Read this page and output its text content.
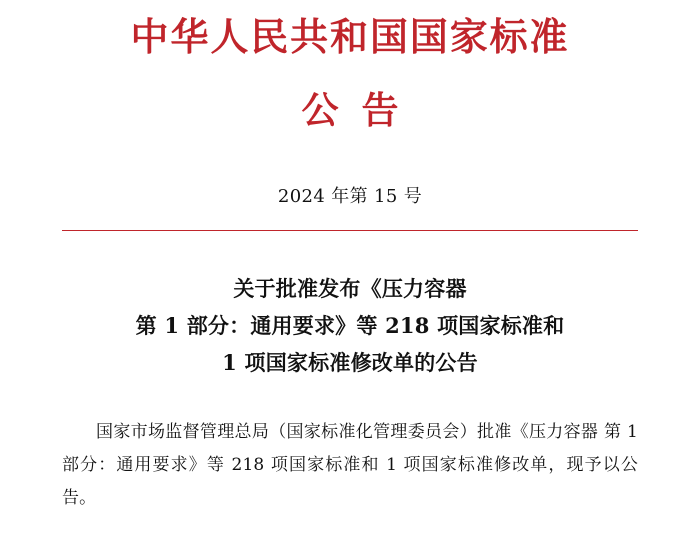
中华人民共和国国家标准
公告
2024 年第 15 号
关于批准发布《压力容器
第 1 部分：通用要求》等 218 项国家标准和
1 项国家标准修改单的公告

国家市场监督管理总局（国家标准化管理委员会）批准《压力容器 第 1 部分：通用要求》等 218 项国家标准和 1 项国家标准修改单，现予以公告。
